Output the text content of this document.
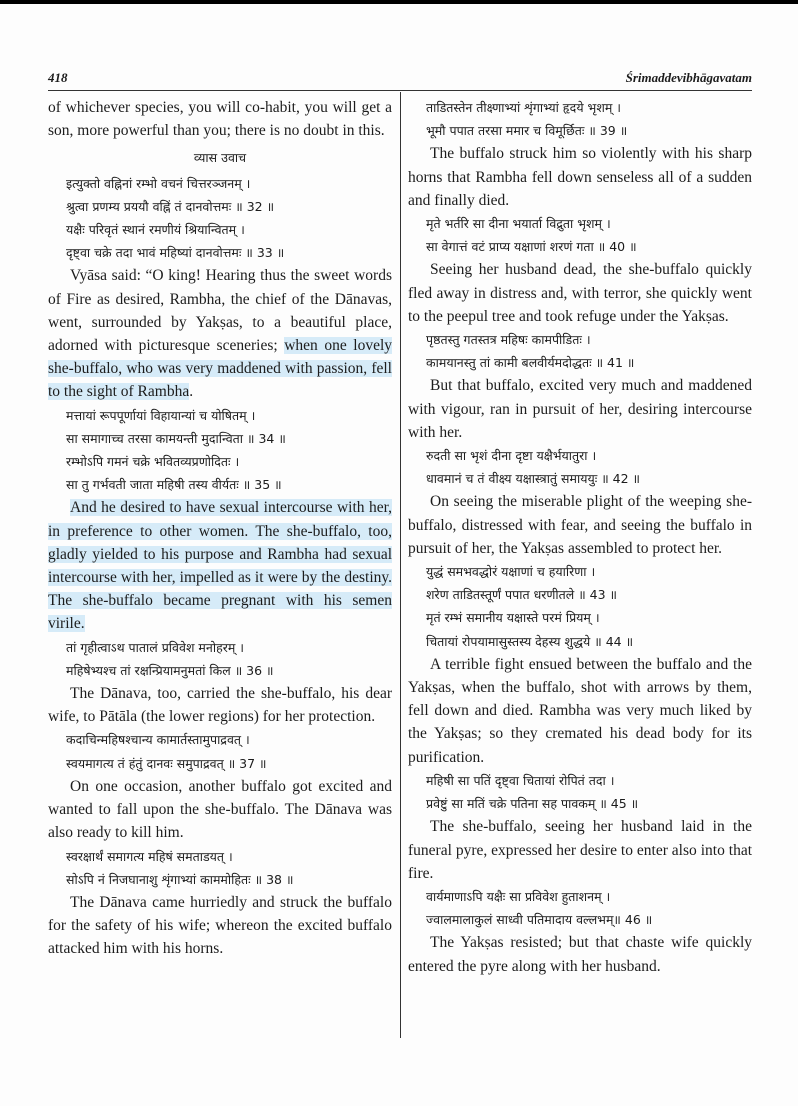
418	Śrimaddevibhāgavatam

of whichever species, you will co-habit, you will get a son, more powerful than you; there is no doubt in this.

व्यास उवाच
इत्युक्तो वह्निनां रम्भो वचनं चित्तरञ्जनम् ।
श्रुत्वा प्रणम्य प्रययौ वह्निं तं दानवोत्तमः ॥ 32 ॥
यक्षैः परिवृतं स्थानं रमणीयं श्रियान्वितम् ।
दृष्ट्वा चक्रे तदा भावं महिष्यां दानवोत्तमः ॥ 33 ॥

Vyāsa said: “O king! Hearing thus the sweet words of Fire as desired, Rambha, the chief of the Dānavas, went, surrounded by Yakṣas, to a beautiful place, adorned with picturesque sceneries; when one lovely she-buffalo, who was very maddened with passion, fell to the sight of Rambha.

मत्तायां रूपपूर्णायां विहायान्यां च योषितम् ।
सा समागाच्च तरसा कामयन्ती मुदान्विता ॥ 34 ॥
रम्भोऽपि गमनं चक्रे भवितव्यप्रणोदितः ।
सा तु गर्भवती जाता महिषी तस्य वीर्यतः ॥ 35 ॥

And he desired to have sexual intercourse with her, in preference to other women. The she-buffalo, too, gladly yielded to his purpose and Rambha had sexual intercourse with her, impelled as it were by the destiny. The she-buffalo became pregnant with his semen virile.

तां गृहीत्वाऽथ पातालं प्रविवेश मनोहरम् ।
महिषेभ्यश्च तां रक्षन्प्रियामनुमतां किल ॥ 36 ॥

The Dānava, too, carried the she-buffalo, his dear wife, to Pātāla (the lower regions) for her protection.

कदाचिन्महिषश्चान्य कामार्तस्तामुपाद्रवत् ।
स्वयमागत्य तं हंतुं दानवः समुपाद्रवत् ॥ 37 ॥

On one occasion, another buffalo got excited and wanted to fall upon the she-buffalo. The Dānava was also ready to kill him.

स्वरक्षार्थं समागत्य महिषं समताडयत् ।
सोऽपि नं निजघानाशु शृंगाभ्यां काममोहितः ॥ 38 ॥

The Dānava came hurriedly and struck the buffalo for the safety of his wife; whereon the excited buffalo attacked him with his horns.

ताडितस्तेन तीक्ष्णाभ्यां शृंगाभ्यां हृदये भृशम् ।
भूमौ पपात तरसा ममार च विमूर्छितः ॥ 39 ॥

The buffalo struck him so violently with his sharp horns that Rambha fell down senseless all of a sudden and finally died.

मृते भर्तरि सा दीना भयार्ता विद्रुता भृशम् ।
सा वेगात्तं वटं प्राप्य यक्षाणां शरणं गता ॥ 40 ॥

Seeing her husband dead, the she-buffalo quickly fled away in distress and, with terror, she quickly went to the peepul tree and took refuge under the Yakṣas.

पृष्ठतस्तु गतस्तत्र महिषः कामपीडितः ।
कामयानस्तु तां कामी बलवीर्यमदोद्धतः ॥ 41 ॥

But that buffalo, excited very much and maddened with vigour, ran in pursuit of her, desiring intercourse with her.

रुदती सा भृशं दीना दृष्टा यक्षैर्भयातुरा ।
धावमानं च तं वीक्ष्य यक्षास्त्रातुं समाययुः ॥ 42 ॥

On seeing the miserable plight of the weeping she-buffalo, distressed with fear, and seeing the buffalo in pursuit of her, the Yakṣas assembled to protect her.

युद्धं समभवद्धोरं यक्षाणां च हयारिणा ।
शरेण ताडितस्तूर्णं पपात धरणीतले ॥ 43 ॥
मृतं रम्भं समानीय यक्षास्ते परमं प्रियम् ।
चितायां रोपयामासुस्तस्य देहस्य शुद्धये ॥ 44 ॥

A terrible fight ensued between the buffalo and the Yakṣas, when the buffalo, shot with arrows by them, fell down and died. Rambha was very much liked by the Yakṣas; so they cremated his dead body for its purification.

महिषी सा पतिं दृष्ट्वा चितायां रोपितं तदा ।
प्रवेष्टुं सा मतिं चक्रे पतिना सह पावकम् ॥ 45 ॥

The she-buffalo, seeing her husband laid in the funeral pyre, expressed her desire to enter also into that fire.

वार्यमाणाऽपि यक्षैः सा प्रविवेश हुताशनम् ।
ज्वालमालाकुलं साध्वी पतिमादाय वल्लभम्॥ 46 ॥

The Yakṣas resisted; but that chaste wife quickly entered the pyre along with her husband.
